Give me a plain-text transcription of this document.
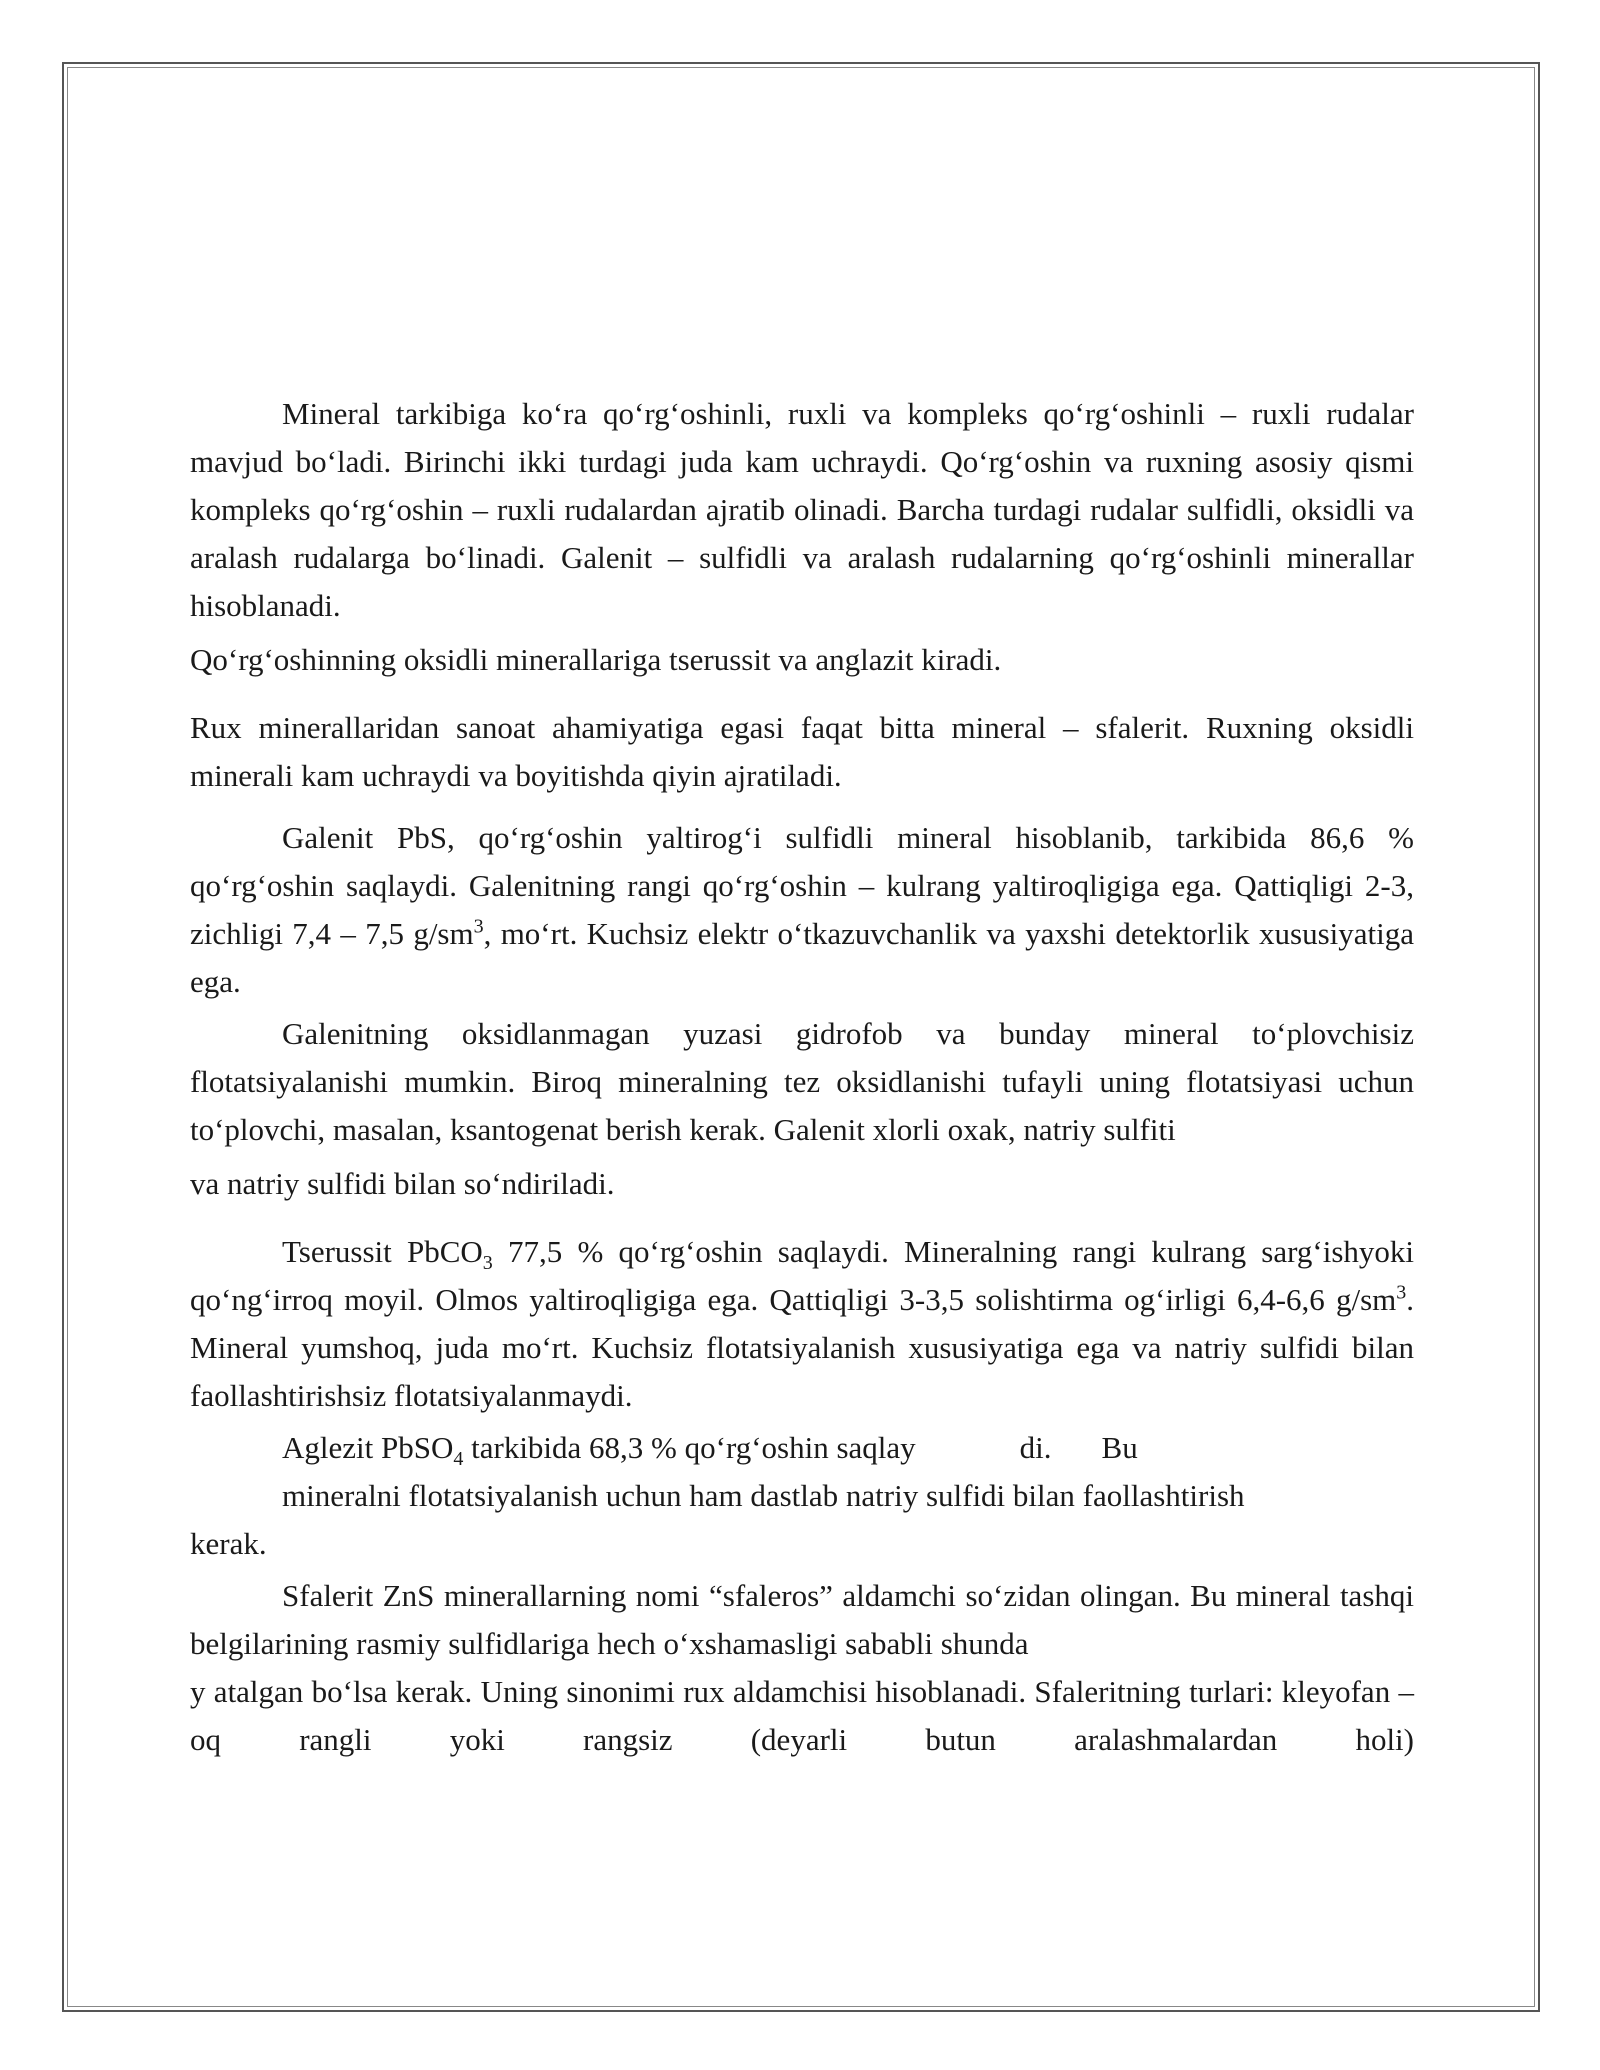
Mineral tarkibiga ko‘ra qo‘rg‘oshinli, ruxli va kompleks qo‘rg‘oshinli – ruxli rudalar mavjud bo‘ladi. Birinchi ikki turdagi juda kam uchraydi. Qo‘rg‘oshin va ruxning asosiy qismi kompleks qo‘rg‘oshin – ruxli rudalardan ajratib olinadi. Barcha turdagi rudalar sulfidli, oksidli va aralash rudalarga bo‘linadi. Galenit – sulfidli va aralash rudalarning qo‘rg‘oshinli minerallar hisoblanadi.

Qo‘rg‘oshinning oksidli minerallariga tserussit va anglazit kiradi.

Rux minerallaridan sanoat ahamiyatiga egasi faqat bitta mineral – sfalerit. Ruxning oksidli minerali kam uchraydi va boyitishda qiyin ajratiladi.

Galenit PbS, qo‘rg‘oshin yaltirog‘i sulfidli mineral hisoblanib, tarkibida 86,6 % qo‘rg‘oshin saqlaydi. Galenitning rangi qo‘rg‘oshin – kulrang yaltiroqligiga ega. Qattiqligi 2-3, zichligi 7,4 – 7,5 $g/sm^3$, mo‘rt. Kuchsiz elektr o‘tkazuvchanlik va yaxshi detektorlik xususiyatiga ega.

Galenitning oksidlanmagan yuzasi gidrofob va bunday mineral to‘plovchisiz flotatsiyalanishi mumkin. Biroq mineralning tez oksidlanishi tufayli uning flotatsiyasi uchun to‘plovchi, masalan, ksantogenat berish kerak. Galenit xlorli oxak, natriy sulfiti

va natriy sulfidi bilan so‘ndiriladi.

Tserussit PbCO$_3$ 77,5 % qo‘rg‘oshin saqlaydi. Mineralning rangi kulrang sarg‘ishyoki qo‘ng‘irroq moyil. Olmos yaltiroqligiga ega. Qattiqligi 3-3,5 solishtirma og‘irligi 6,4-6,6 $g/sm^3$. Mineral yumshoq, juda mo‘rt. Kuchsiz flotatsiyalanish xususiyatiga ega va natriy sulfidi bilan faollashtirishsiz flotatsiyalanmaydi.

Aglezit PbSO$_4$ tarkibida 68,3 % qo‘rg‘oshin saqlay	di. Bu

mineralni flotatsiyalanish uchun ham dastlab natriy sulfidi bilan faollashtirish

kerak.

Sfalerit ZnS minerallarning nomi “sfaleros” aldamchi so‘zidan olingan. Bu mineral tashqi belgilarining rasmiy sulfidlariga hech o‘xshamasligi sababli shunda

y atalgan bo‘lsa kerak. Uning sinonimi rux aldamchisi hisoblanadi. Sfaleritning turlari: kleyofan – oq rangli yoki rangsiz (deyarli butun aralashmalardan holi)
